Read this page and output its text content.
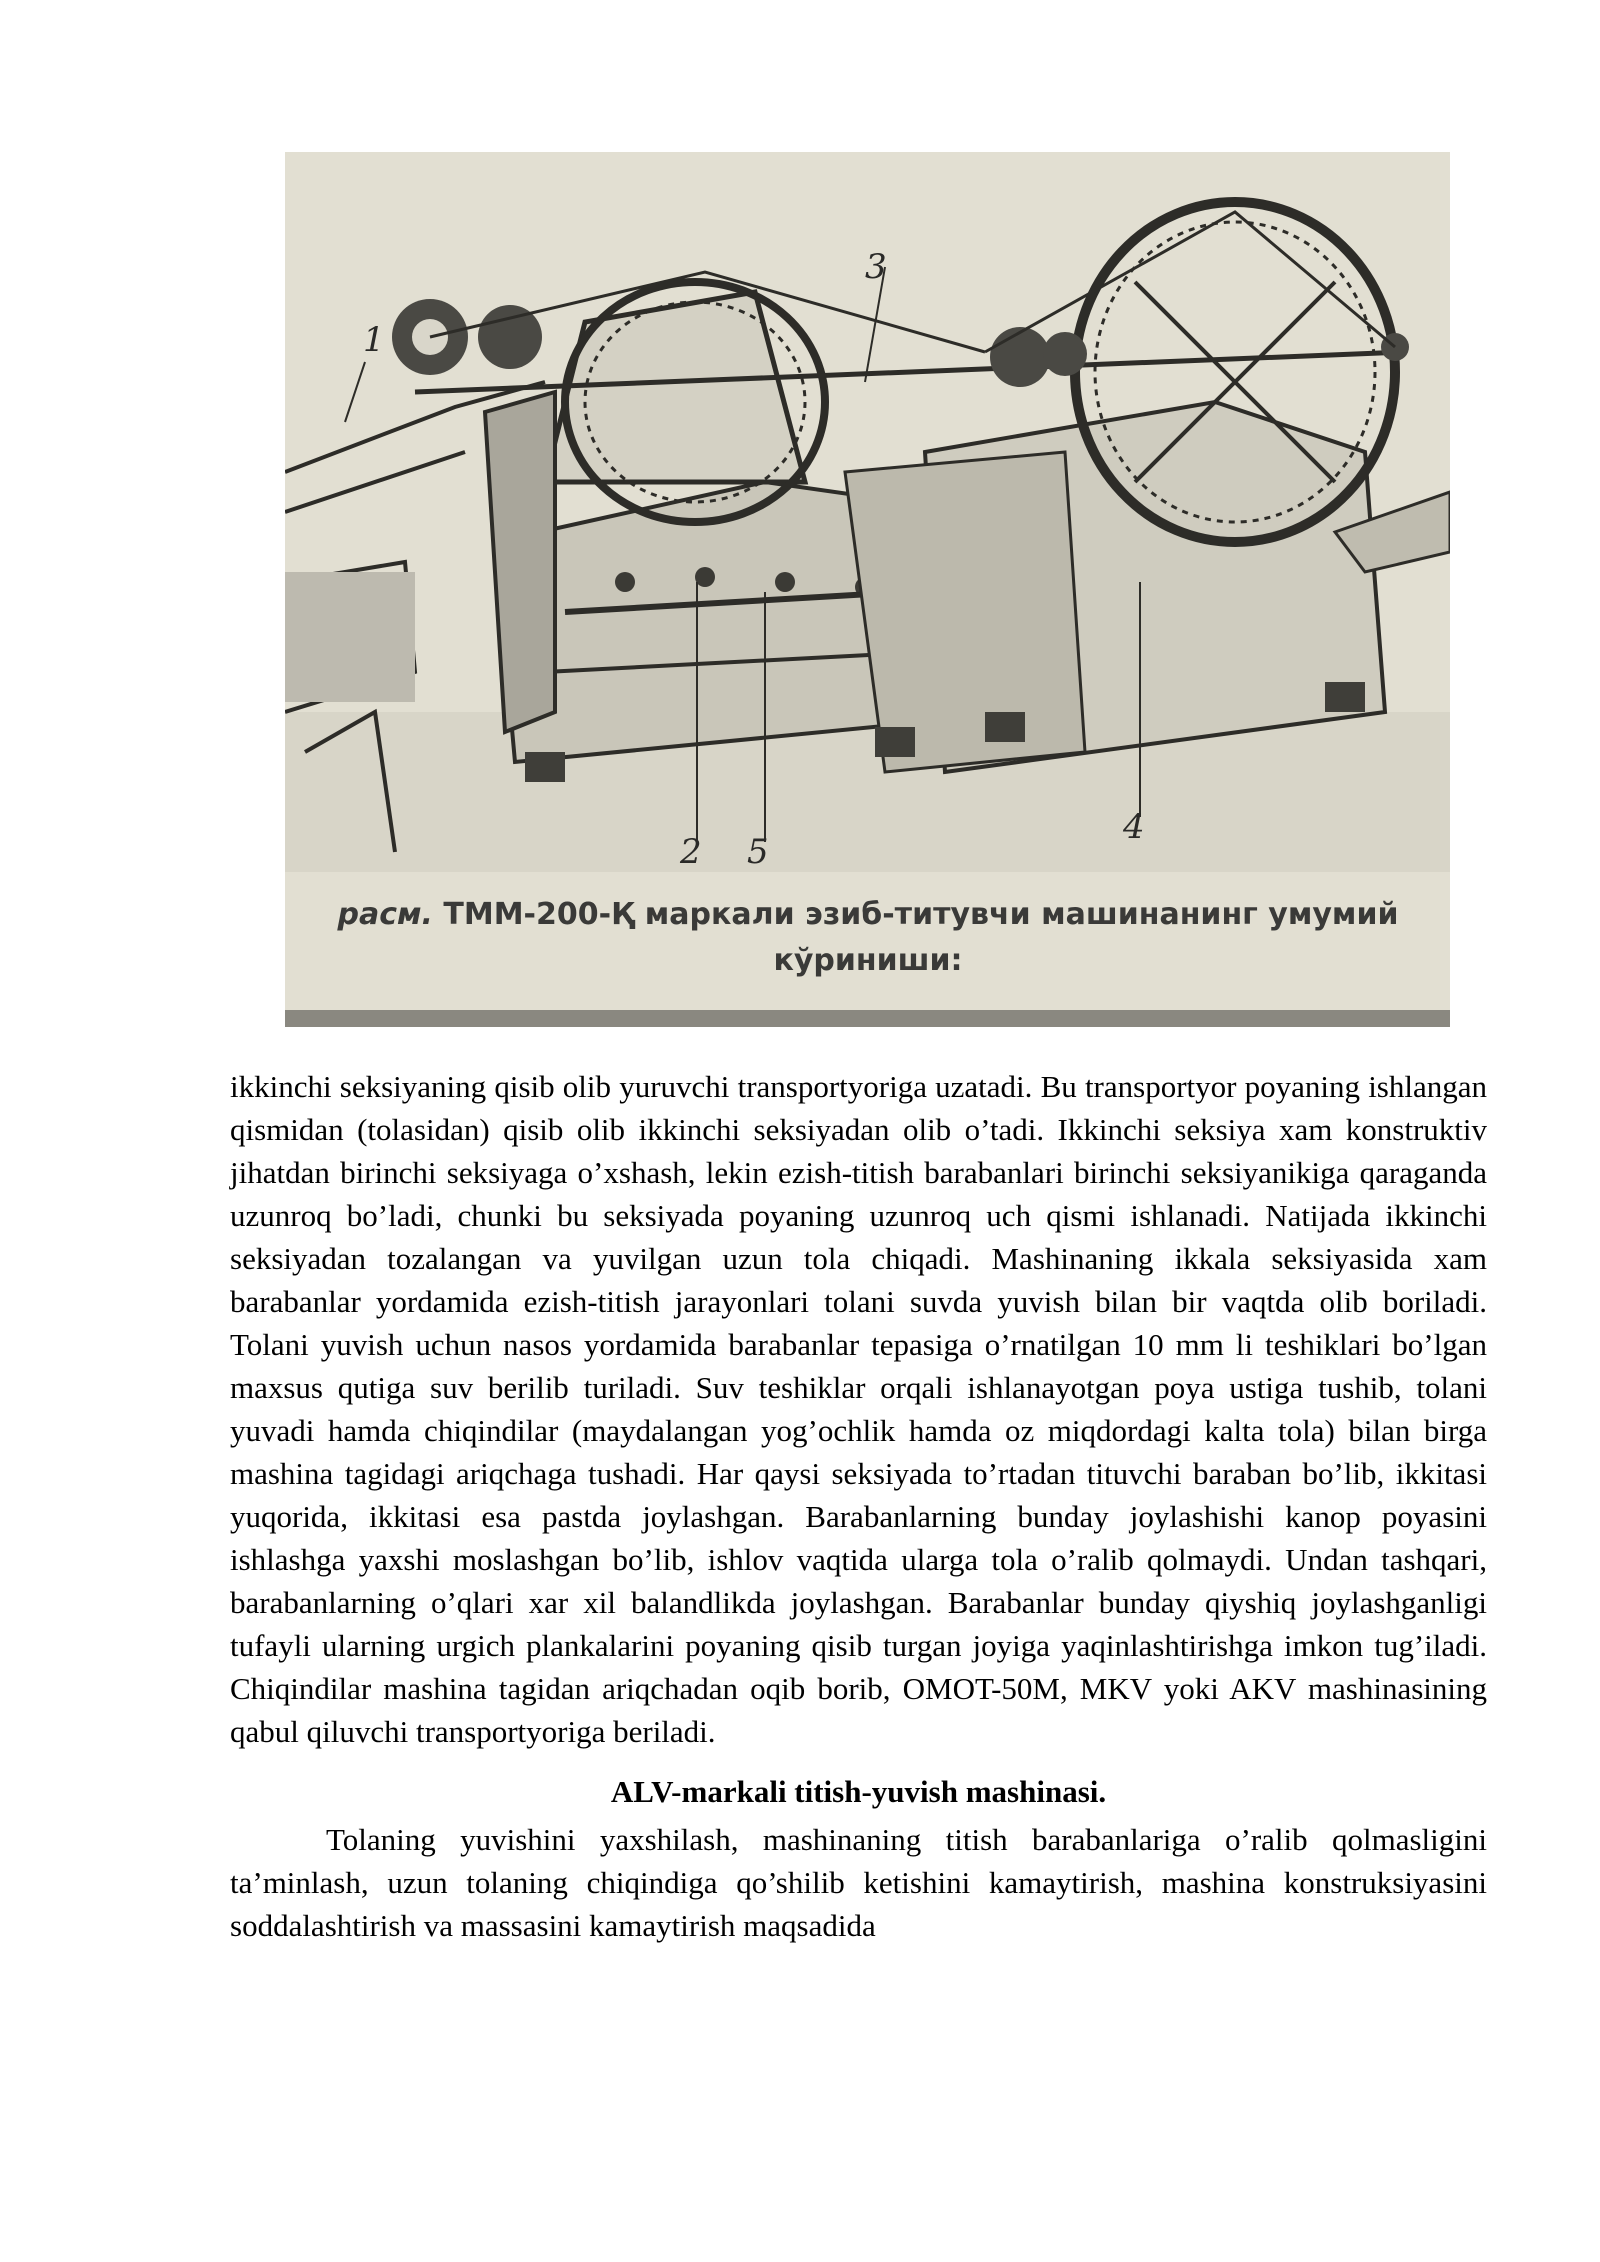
1
3
2 5
4
расм. ТММ-200-Қ маркали эзиб-титувчи машинанинг умумий кўриниши:

ikkinchi seksiyaning qisib olib yuruvchi transportyoriga uzatadi. Bu transportyor poyaning ishlangan qismidan (tolasidan) qisib olib ikkinchi seksiyadan olib o’tadi. Ikkinchi seksiya xam konstruktiv jihatdan birinchi seksiyaga o’xshash, lekin ezish-titish barabanlari birinchi seksiyanikiga qaraganda uzunroq bo’ladi, chunki bu seksiyada poyaning uzunroq uch qismi ishlanadi. Natijada ikkinchi seksiyadan tozalangan va yuvilgan uzun tola chiqadi. Mashinaning ikkala seksiyasida xam barabanlar yordamida ezish-titish jarayonlari tolani suvda yuvish bilan bir vaqtda olib boriladi. Tolani yuvish uchun nasos yordamida barabanlar tepasiga o’rnatilgan 10 mm li teshiklari bo’lgan maxsus qutiga suv berilib turiladi. Suv teshiklar orqali ishlanayotgan poya ustiga tushib, tolani yuvadi hamda chiqindilar (maydalangan yog’ochlik hamda oz miqdordagi kalta tola) bilan birga mashina tagidagi ariqchaga tushadi. Har qaysi seksiyada to’rtadan tituvchi baraban bo’lib, ikkitasi yuqorida, ikkitasi esa pastda joylashgan. Barabanlarning bunday joylashishi kanop poyasini ishlashga yaxshi moslashgan bo’lib, ishlov vaqtida ularga tola o’ralib qolmaydi. Undan tashqari, barabanlarning o’qlari xar xil balandlikda joylashgan. Barabanlar bunday qiyshiq joylashganligi tufayli ularning urgich plankalarini poyaning qisib turgan joyiga yaqinlashtirishga imkon tug’iladi. Chiqindilar mashina tagidan ariqchadan oqib borib, OMOT-50M, MKV yoki AKV mashinasining qabul qiluvchi transportyoriga beriladi.

ALV-markali titish-yuvish mashinasi.

Tolaning yuvishini yaxshilash, mashinaning titish barabanlariga o’ralib qolmasligini ta’minlash, uzun tolaning chiqindiga qo’shilib ketishini kamaytirish, mashina konstruksiyasini soddalashtirish va massasini kamaytirish maqsadida
